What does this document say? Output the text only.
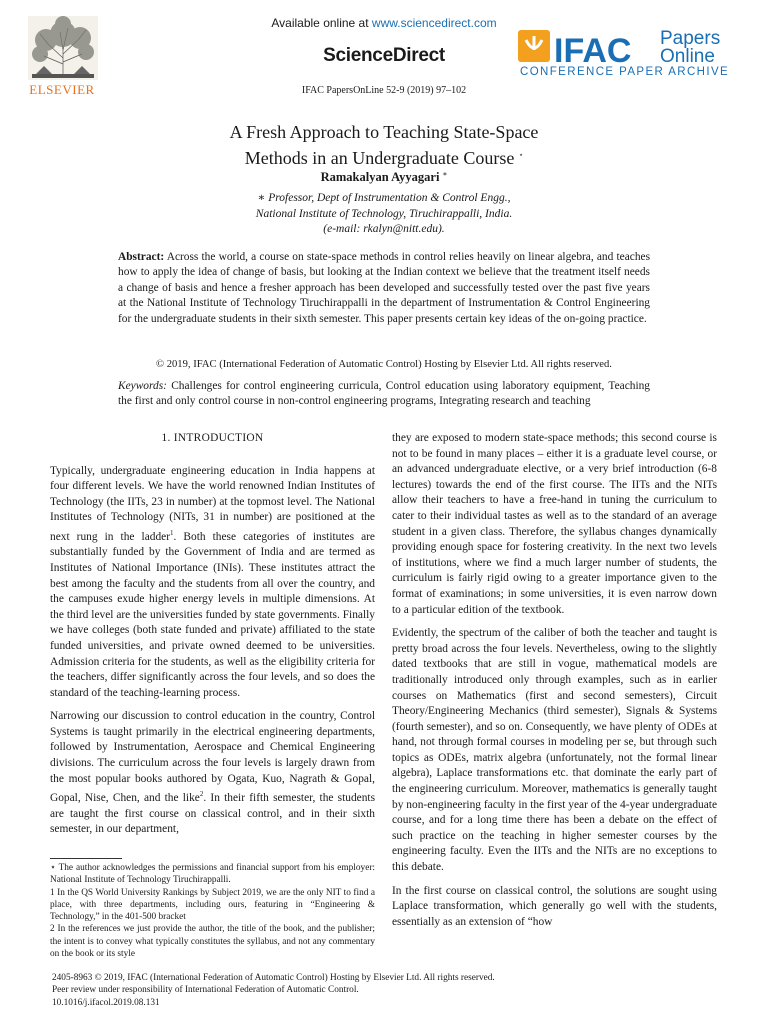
ELSEVIER
Available online at www.sciencedirect.com
ScienceDirect
IFAC PapersOnLine 52-9 (2019) 97–102
IFAC Papers
Online
CONFERENCE PAPER ARCHIVE
A Fresh Approach to Teaching State-Space
Methods in an Undergraduate Course ⋆
Ramakalyan Ayyagari ∗
∗ Professor, Dept of Instrumentation & Control Engg.,
National Institute of Technology, Tiruchirappalli, India.
(e-mail: rkalyn@nitt.edu).
Abstract: Across the world, a course on state-space methods in control relies heavily on linear algebra, and teaches how to apply the idea of change of basis, but looking at the Indian context we believe that the treatment itself needs a change of basis and hence a fresher approach has been developed and successfully tested over the past five years at the National Institute of Technology Tiruchirappalli in the department of Instrumentation & Control Engineering for the undergraduate students in their sixth semester. This paper presents certain key ideas of the on-going practice.
© 2019, IFAC (International Federation of Automatic Control) Hosting by Elsevier Ltd. All rights reserved.
Keywords: Challenges for control engineering curricula, Control education using laboratory equipment, Teaching the first and only control course in non-control engineering programs, Integrating research and teaching
1. INTRODUCTION

Typically, undergraduate engineering education in India happens at four different levels. We have the world renowned Indian Institutes of Technology (the IITs, 23 in number) at the topmost level. The National Institutes of Technology (NITs, 31 in number) are positioned at the next rung in the ladder$^1$. Both these categories of institutes are substantially funded by the Government of India and are termed as Institutes of National Importance (INIs). These institutes attract the best among the faculty and the students from all over the country, and the campuses exude higher energy levels in multiple dimensions. At the third level are the universities funded by state governments. Finally we have colleges (both state funded and private) affiliated to the state funded universities, and private owned deemed to be universities. Admission criteria for the students, as well as the eligibility criteria for the teachers, differ significantly across the four levels, and so does the standard of the teaching-learning process.

Narrowing our discussion to control education in the country, Control Systems is taught primarily in the electrical engineering departments, followed by Instrumentation, Aerospace and Chemical Engineering divisions. The curriculum across the four levels is largely drawn from the most popular books authored by Ogata, Kuo, Nagrath & Gopal, Gopal, Nise, Chen, and the like$^2$. In their fifth semester, the students are taught the first course on classical control, and in their sixth semester, in our department,

⋆ The author acknowledges the permissions and financial support from his employer: National Institute of Technology Tiruchirappalli.

1 In the QS World University Rankings by Subject 2019, we are the only NIT to find a place, with three departments, including ours, featuring in “Engineering & Technology,” in the 401-500 bracket

2 In the references we just provide the author, the title of the book, and the publisher; the intent is to convey what typically constitutes the syllabus, and not any commentary on the book or its style

they are exposed to modern state-space methods; this second course is not to be found in many places – either it is a graduate level course, or an advanced undergraduate elective, or a very brief introduction (6-8 lectures) towards the end of the first course. The IITs and the NITs allow their teachers to have a free-hand in tuning the curriculum to cater to their individual tastes as well as to the standard of an average student in a given class. Therefore, the syllabus changes dynamically providing enough space for fostering creativity. In the next two levels of institutions, where we find a much larger number of students, the curriculum is fairly rigid owing to a greater importance given to the format of examinations; in some universities, it is even narrow down to a particular edition of the textbook.

Evidently, the spectrum of the caliber of both the teacher and taught is pretty broad across the four levels. Nevertheless, owing to the slightly dated textbooks that are still in vogue, mathematical models are traditionally introduced only through examples, such as in earlier courses on Mathematics (first and second semesters), Circuit Theory/Engineering Mechanics (third semester), Signals & Systems (fourth semester), and so on. Consequently, we have plenty of ODEs at hand, not through formal courses in modeling per se, but through such topics as ODEs, matrix algebra (unfortunately, not the formal linear algebra), Laplace transformations etc. that dominate the early part of the engineering curriculum. Moreover, mathematics is generally taught by non-engineering faculty in the first year of the 4-year undergraduate course, and for a long time there has been a debate on the effect of such practice on the teaching in higher semester courses by the engineering faculty. Even the IITs and the NITs are no exceptions to this debate.

In the first course on classical control, the solutions are sought using Laplace transformation, which generally go well with the students, essentially as an extension of “how

2405-8963 © 2019, IFAC (International Federation of Automatic Control) Hosting by Elsevier Ltd. All rights reserved.

Peer review under responsibility of International Federation of Automatic Control.

10.1016/j.ifacol.2019.08.131
